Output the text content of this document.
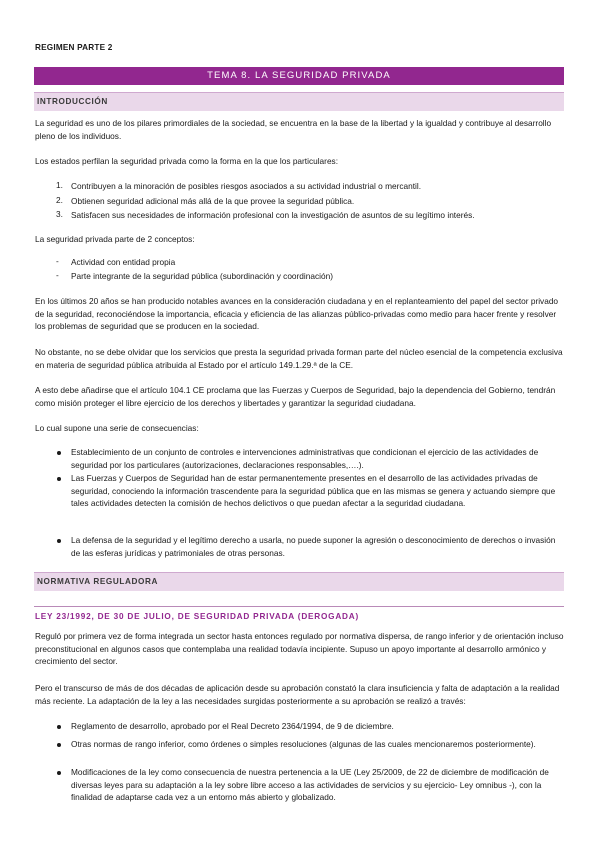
REGIMEN PARTE 2
TEMA 8. LA SEGURIDAD PRIVADA
INTRODUCCIÓN
La seguridad es uno de los pilares primordiales de la sociedad, se encuentra en la base de la libertad y la igualdad y contribuye al desarrollo pleno de los individuos.
Los estados perfilan la seguridad privada como la forma en la que los particulares:
1. Contribuyen a la minoración de posibles riesgos asociados a su actividad industrial o mercantil.
2. Obtienen seguridad adicional más allá de la que provee la seguridad pública.
3. Satisfacen sus necesidades de información profesional con la investigación de asuntos de su legítimo interés.
La seguridad privada parte de 2 conceptos:
- Actividad con entidad propia
- Parte integrante de la seguridad pública (subordinación y coordinación)
En los últimos 20 años se han producido notables avances en la consideración ciudadana y en el replanteamiento del papel del sector privado de la seguridad, reconociéndose la importancia, eficacia y eficiencia de las alianzas público-privadas como medio para hacer frente y resolver los problemas de seguridad que se producen en la sociedad.
No obstante, no se debe olvidar que los servicios que presta la seguridad privada forman parte del núcleo esencial de la competencia exclusiva en materia de seguridad pública atribuida al Estado por el artículo 149.1.29.ª de la CE.
A esto debe añadirse que el artículo 104.1 CE proclama que las Fuerzas y Cuerpos de Seguridad, bajo la dependencia del Gobierno, tendrán como misión proteger el libre ejercicio de los derechos y libertades y garantizar la seguridad ciudadana.
Lo cual supone una serie de consecuencias:
Establecimiento de un conjunto de controles e intervenciones administrativas que condicionan el ejercicio de las actividades de seguridad por los particulares (autorizaciones, declaraciones responsables,….).
Las Fuerzas y Cuerpos de Seguridad han de estar permanentemente presentes en el desarrollo de las actividades privadas de seguridad, conociendo la información trascendente para la seguridad pública que en las mismas se genera y actuando siempre que tales actividades detecten la comisión de hechos delictivos o que puedan afectar a la seguridad ciudadana.
La defensa de la seguridad y el legítimo derecho a usarla, no puede suponer la agresión o desconocimiento de derechos o invasión de las esferas jurídicas y patrimoniales de otras personas.
NORMATIVA REGULADORA
LEY 23/1992, DE 30 DE JULIO, DE SEGURIDAD PRIVADA (DEROGADA)
Reguló por primera vez de forma integrada un sector hasta entonces regulado por normativa dispersa, de rango inferior y de orientación incluso preconstitucional en algunos casos que contemplaba una realidad todavía incipiente. Supuso un apoyo importante al desarrollo armónico y crecimiento del sector.
Pero el transcurso de más de dos décadas de aplicación desde su aprobación constató la clara insuficiencia y falta de adaptación a la realidad más reciente. La adaptación de la ley a las necesidades surgidas posteriormente a su aprobación se realizó a través:
Reglamento de desarrollo, aprobado por el Real Decreto 2364/1994, de 9 de diciembre.
Otras normas de rango inferior, como órdenes o simples resoluciones (algunas de las cuales mencionaremos posteriormente).
Modificaciones de la ley como consecuencia de nuestra pertenencia a la UE (Ley 25/2009, de 22 de diciembre de modificación de diversas leyes para su adaptación a la ley sobre libre acceso a las actividades de servicios y su ejercicio- Ley omnibus -), con la finalidad de adaptarse cada vez a un entorno más abierto y globalizado.
